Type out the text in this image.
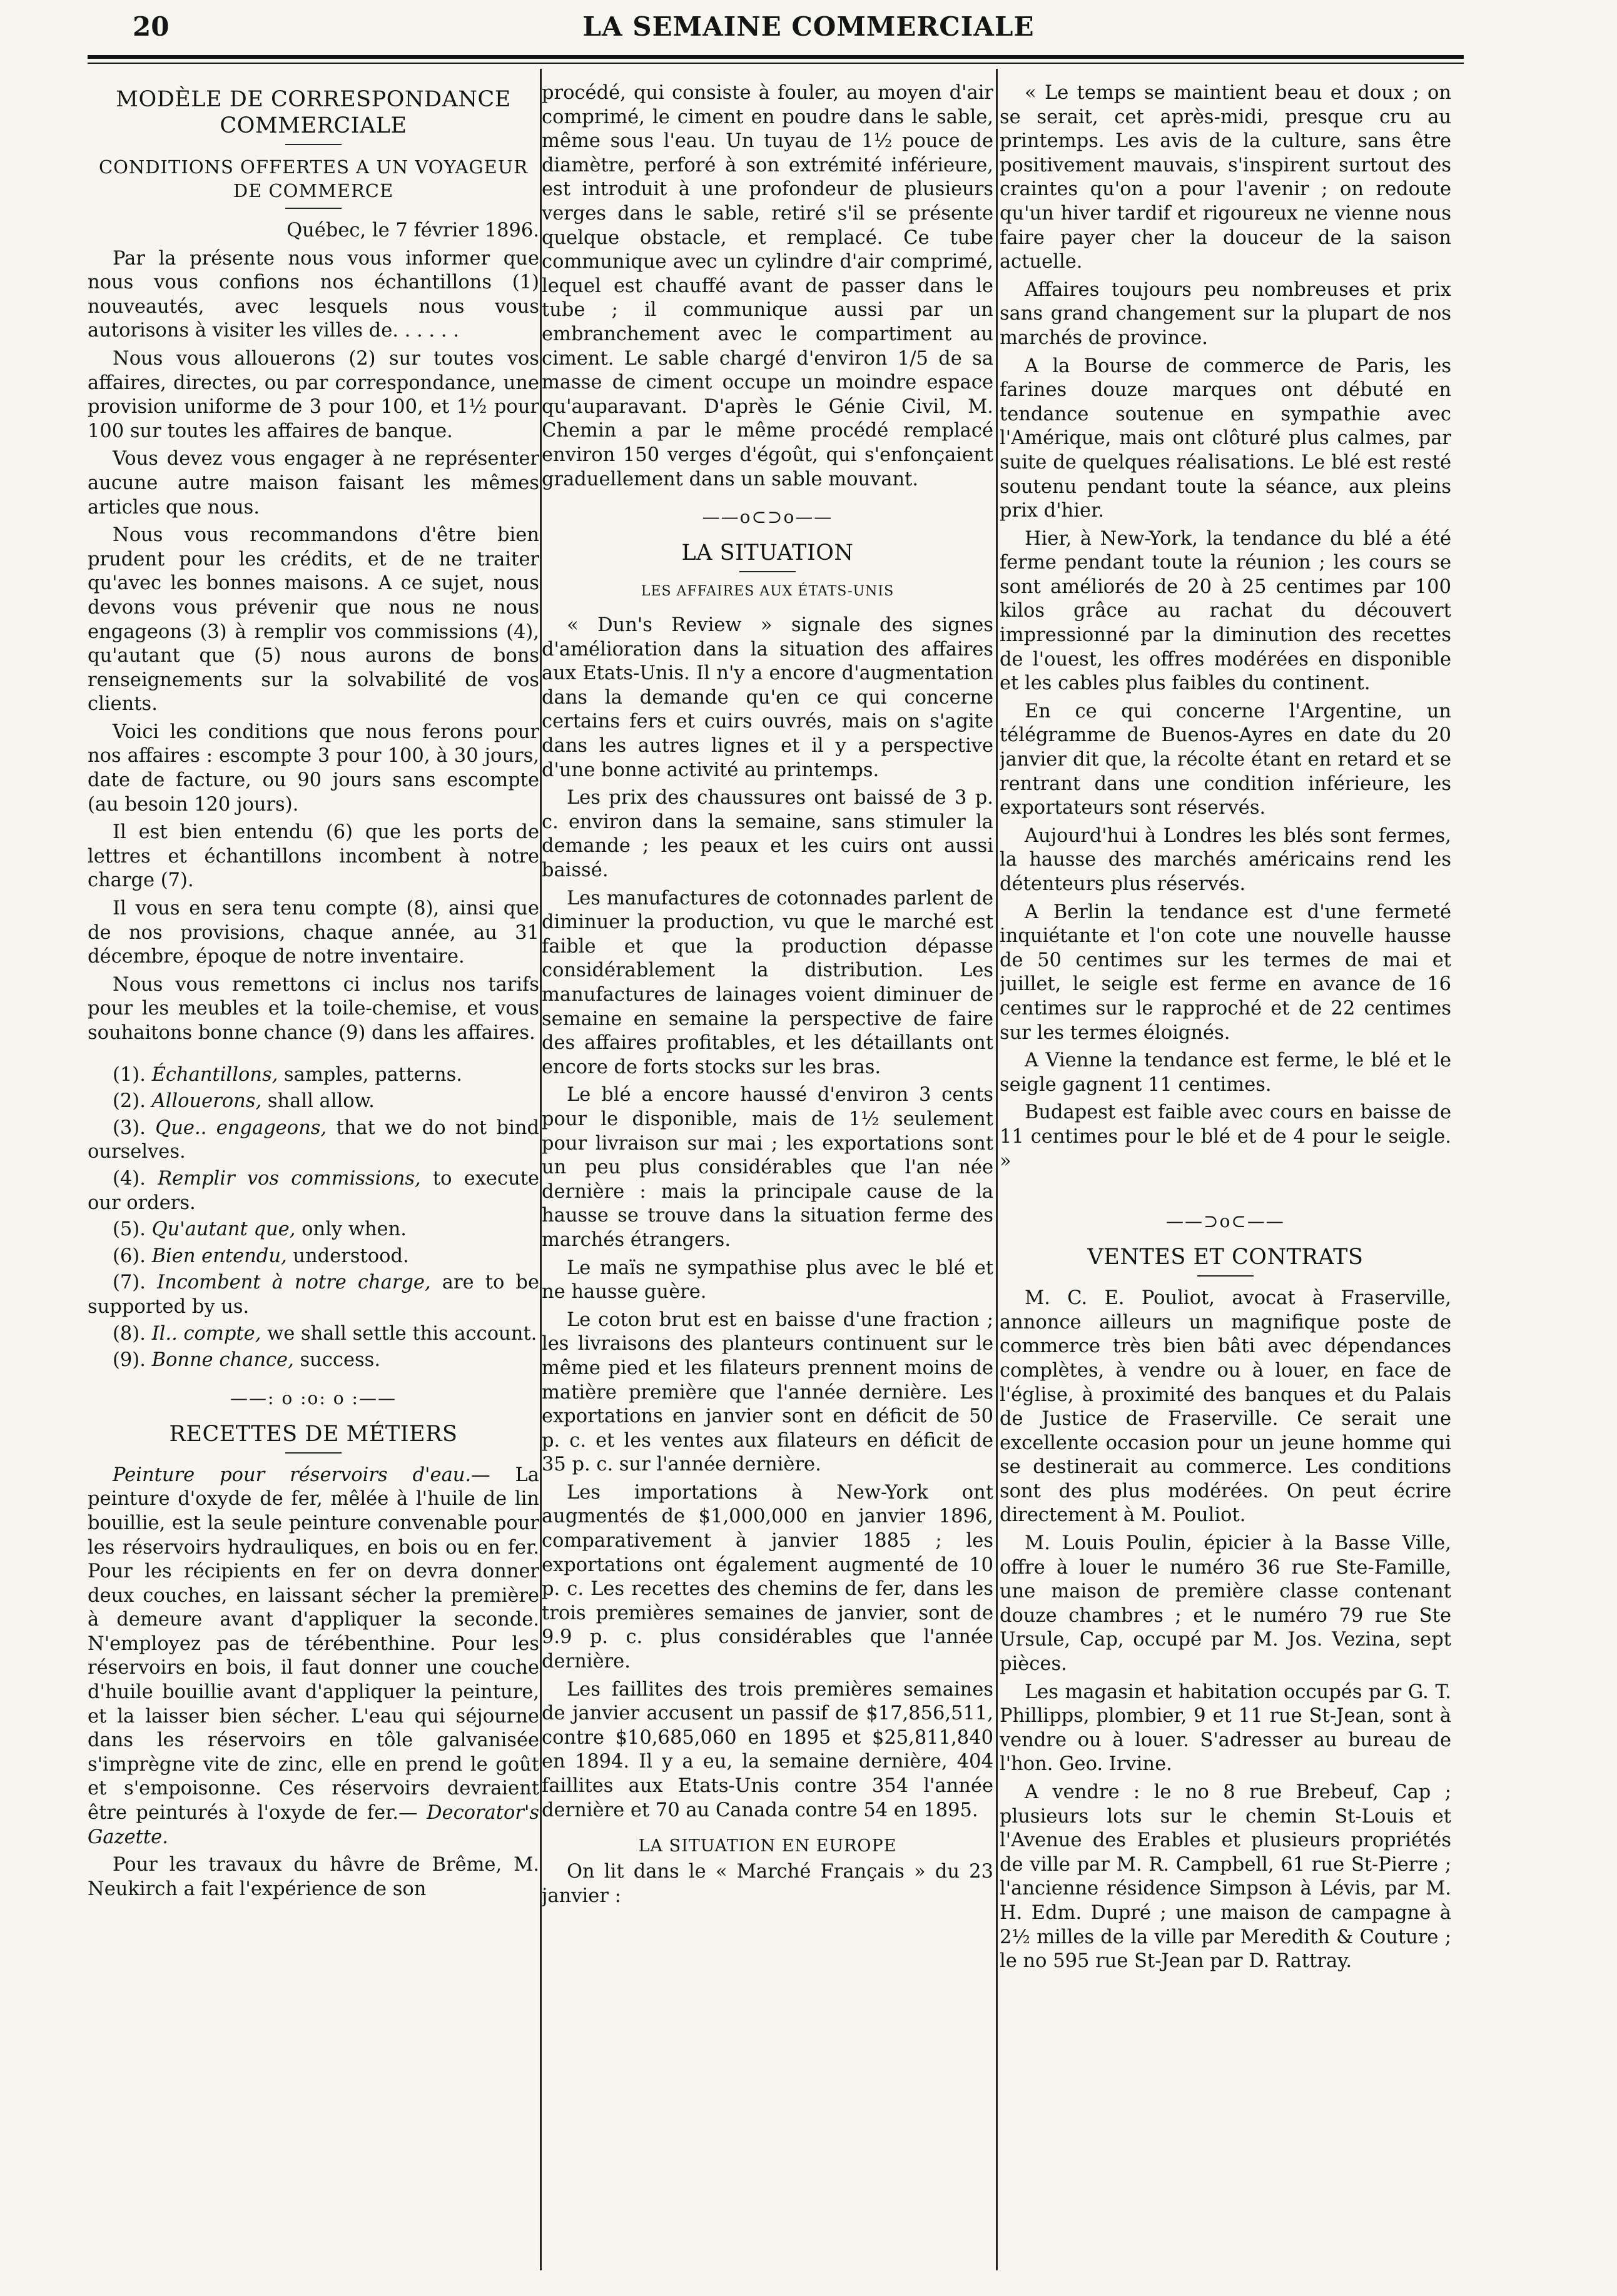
20	LA SEMAINE COMMERCIALE
MODÈLE DE CORRESPONDANCE COMMERCIALE
CONDITIONS OFFERTES A UN VOYAGEUR DE COMMERCE

Québec, le 7 février 1896.

Par la présente nous vous informer que nous vous confions nos échantillons (1) nouveautés, avec lesquels nous vous autorisons à visiter les villes de. . . . . .

Nous vous allouerons (2) sur toutes vos affaires, directes, ou par correspondance, une provision uniforme de 3 pour 100, et 1½ pour 100 sur toutes les affaires de banque.

Vous devez vous engager à ne représenter aucune autre maison faisant les mêmes articles que nous.

Nous vous recommandons d'être bien prudent pour les crédits, et de ne traiter qu'avec les bonnes maisons. A ce sujet, nous devons vous prévenir que nous ne nous engageons (3) à remplir vos commissions (4), qu'autant que (5) nous aurons de bons renseignements sur la solvabilité de vos clients.

Voici les conditions que nous ferons pour nos affaires : escompte 3 pour 100, à 30 jours, date de facture, ou 90 jours sans escompte (au besoin 120 jours).

Il est bien entendu (6) que les ports de lettres et échantillons incombent à notre charge (7).

Il vous en sera tenu compte (8), ainsi que de nos provisions, chaque année, au 31 décembre, époque de notre inventaire.

Nous vous remettons ci inclus nos tarifs pour les meubles et la toile-chemise, et vous souhaitons bonne chance (9) dans les affaires.

(1). Échantillons, samples, patterns.

(2). Allouerons, shall allow.

(3). Que.. engageons, that we do not bind ourselves.

(4). Remplir vos commissions, to execute our orders.

(5). Qu'autant que, only when.

(6). Bien entendu, understood.

(7). Incombent à notre charge, are to be supported by us.

(8). Il.. compte, we shall settle this account.

(9). Bonne chance, success.

——: o :o: o :——
RECETTES DE MÉTIERS

Peinture pour réservoirs d'eau.— La peinture d'oxyde de fer, mêlée à l'huile de lin bouillie, est la seule peinture convenable pour les réservoirs hydrauliques, en bois ou en fer. Pour les récipients en fer on devra donner deux couches, en laissant sécher la première à demeure avant d'appliquer la seconde. N'employez pas de térébenthine. Pour les réservoirs en bois, il faut donner une couche d'huile bouillie avant d'appliquer la peinture, et la laisser bien sécher. L'eau qui séjourne dans les réservoirs en tôle galvanisée s'imprègne vite de zinc, elle en prend le goût et s'empoisonne. Ces réservoirs devraient être peinturés à l'oxyde de fer.— Decorator's Gazette.

Pour les travaux du hâvre de Brême, M. Neukirch a fait l'expérience de son

procédé, qui consiste à fouler, au moyen d'air comprimé, le ciment en poudre dans le sable, même sous l'eau. Un tuyau de 1½ pouce de diamètre, perforé à son extrémité inférieure, est introduit à une profondeur de plusieurs verges dans le sable, retiré s'il se présente quelque obstacle, et remplacé. Ce tube communique avec un cylindre d'air comprimé, lequel est chauffé avant de passer dans le tube ; il communique aussi par un embranchement avec le compartiment au ciment. Le sable chargé d'environ 1/5 de sa masse de ciment occupe un moindre espace qu'auparavant. D'après le Génie Civil, M. Chemin a par le même procédé remplacé environ 150 verges d'égoût, qui s'enfonçaient graduellement dans un sable mouvant.

——o⊂⊃o——
LA SITUATION
LES AFFAIRES AUX ÉTATS-UNIS

« Dun's Review » signale des signes d'amélioration dans la situation des affaires aux Etats-Unis. Il n'y a encore d'augmentation dans la demande qu'en ce qui concerne certains fers et cuirs ouvrés, mais on s'agite dans les autres lignes et il y a perspective d'une bonne activité au printemps.

Les prix des chaussures ont baissé de 3 p. c. environ dans la semaine, sans stimuler la demande ; les peaux et les cuirs ont aussi baissé.

Les manufactures de cotonnades parlent de diminuer la production, vu que le marché est faible et que la production dépasse considérablement la distribution. Les manufactures de lainages voient diminuer de semaine en semaine la perspective de faire des affaires profitables, et les détaillants ont encore de forts stocks sur les bras.

Le blé a encore haussé d'environ 3 cents pour le disponible, mais de 1½ seulement pour livraison sur mai ; les exportations sont un peu plus considérables que l'an née dernière : mais la principale cause de la hausse se trouve dans la situation ferme des marchés étrangers.

Le maïs ne sympathise plus avec le blé et ne hausse guère.

Le coton brut est en baisse d'une fraction ; les livraisons des planteurs continuent sur le même pied et les filateurs prennent moins de matière première que l'année dernière. Les exportations en janvier sont en déficit de 50 p. c. et les ventes aux filateurs en déficit de 35 p. c. sur l'année dernière.

Les importations à New-York ont augmentés de $1,000,000 en janvier 1896, comparativement à janvier 1885 ; les exportations ont également augmenté de 10 p. c. Les recettes des chemins de fer, dans les trois premières semaines de janvier, sont de 9.9 p. c. plus considérables que l'année dernière.

Les faillites des trois premières semaines de janvier accusent un passif de $17,856,511, contre $10,685,060 en 1895 et $25,811,840 en 1894. Il y a eu, la semaine dernière, 404 faillites aux Etats-Unis contre 354 l'année dernière et 70 au Canada contre 54 en 1895.

LA SITUATION EN EUROPE

On lit dans le « Marché Français » du 23 janvier :

« Le temps se maintient beau et doux ; on se serait, cet après-midi, presque cru au printemps. Les avis de la culture, sans être positivement mauvais, s'inspirent surtout des craintes qu'on a pour l'avenir ; on redoute qu'un hiver tardif et rigoureux ne vienne nous faire payer cher la douceur de la saison actuelle.

Affaires toujours peu nombreuses et prix sans grand changement sur la plupart de nos marchés de province.

A la Bourse de commerce de Paris, les farines douze marques ont débuté en tendance soutenue en sympathie avec l'Amérique, mais ont clôturé plus calmes, par suite de quelques réalisations. Le blé est resté soutenu pendant toute la séance, aux pleins prix d'hier.

Hier, à New-York, la tendance du blé a été ferme pendant toute la réunion ; les cours se sont améliorés de 20 à 25 centimes par 100 kilos grâce au rachat du découvert impressionné par la diminution des recettes de l'ouest, les offres modérées en disponible et les cables plus faibles du continent.

En ce qui concerne l'Argentine, un télégramme de Buenos-Ayres en date du 20 janvier dit que, la récolte étant en retard et se rentrant dans une condition inférieure, les exportateurs sont réservés.

Aujourd'hui à Londres les blés sont fermes, la hausse des marchés américains rend les détenteurs plus réservés.

A Berlin la tendance est d'une fermeté inquiétante et l'on cote une nouvelle hausse de 50 centimes sur les termes de mai et juillet, le seigle est ferme en avance de 16 centimes sur le rapproché et de 22 centimes sur les termes éloignés.

A Vienne la tendance est ferme, le blé et le seigle gagnent 11 centimes.

Budapest est faible avec cours en baisse de 11 centimes pour le blé et de 4 pour le seigle. »

——⊃o⊂——
VENTES ET CONTRATS

M. C. E. Pouliot, avocat à Fraserville, annonce ailleurs un magnifique poste de commerce très bien bâti avec dépendances complètes, à vendre ou à louer, en face de l'église, à proximité des banques et du Palais de Justice de Fraserville. Ce serait une excellente occasion pour un jeune homme qui se destinerait au commerce. Les conditions sont des plus modérées. On peut écrire directement à M. Pouliot.

M. Louis Poulin, épicier à la Basse Ville, offre à louer le numéro 36 rue Ste-Famille, une maison de première classe contenant douze chambres ; et le numéro 79 rue Ste Ursule, Cap, occupé par M. Jos. Vezina, sept pièces.

Les magasin et habitation occupés par G. T. Phillipps, plombier, 9 et 11 rue St-Jean, sont à vendre ou à louer. S'adresser au bureau de l'hon. Geo. Irvine.

A vendre : le no 8 rue Brebeuf, Cap ; plusieurs lots sur le chemin St-Louis et l'Avenue des Erables et plusieurs propriétés de ville par M. R. Campbell, 61 rue St-Pierre ; l'ancienne résidence Simpson à Lévis, par M. H. Edm. Dupré ; une maison de campagne à 2½ milles de la ville par Meredith & Couture ; le no 595 rue St-Jean par D. Rattray.
